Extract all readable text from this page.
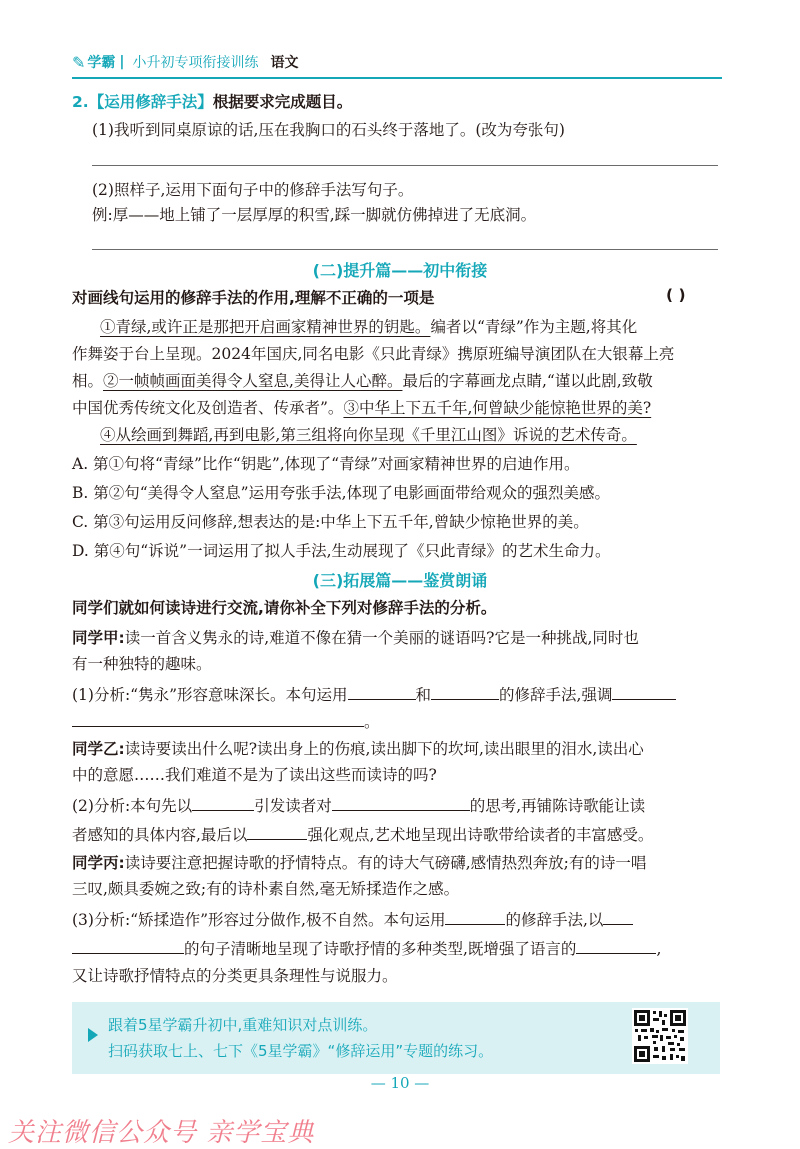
✎ 学霸 | 小升初专项衔接训练 语文
2.【运用修辞手法】根据要求完成题目。
(1)我听到同桌原谅的话,压在我胸口的石头终于落地了。(改为夸张句)
(2)照样子,运用下面句子中的修辞手法写句子。
例:厚——地上铺了一层厚厚的积雪,踩一脚就仿佛掉进了无底洞。
(二)提升篇——初中衔接
对画线句运用的修辞手法的作用,理解不正确的一项是	( )
①青绿,或许正是那把开启画家精神世界的钥匙。编者以“青绿”作为主题,将其化
作舞姿于台上呈现。2024年国庆,同名电影《只此青绿》携原班编导演团队在大银幕上亮
相。②一帧帧画面美得令人窒息,美得让人心醉。最后的字幕画龙点睛,“谨以此剧,致敬
中国优秀传统文化及创造者、传承者”。③中华上下五千年,何曾缺少能惊艳世界的美?
④从绘画到舞蹈,再到电影,第三组将向你呈现《千里江山图》诉说的艺术传奇。
A. 第①句将“青绿”比作“钥匙”,体现了“青绿”对画家精神世界的启迪作用。
B. 第②句“美得令人窒息”运用夸张手法,体现了电影画面带给观众的强烈美感。
C. 第③句运用反问修辞,想表达的是:中华上下五千年,曾缺少惊艳世界的美。
D. 第④句“诉说”一词运用了拟人手法,生动展现了《只此青绿》的艺术生命力。
(三)拓展篇——鉴赏朗诵
同学们就如何读诗进行交流,请你补全下列对修辞手法的分析。
同学甲:读一首含义隽永的诗,难道不像在猜一个美丽的谜语吗?它是一种挑战,同时也
有一种独特的趣味。
(1)分析:“隽永”形容意味深长。本句运用	和	的修辞手法,强调
。
同学乙:读诗要读出什么呢?读出身上的伤痕,读出脚下的坎坷,读出眼里的泪水,读出心
中的意愿……我们难道不是为了读出这些而读诗的吗?
(2)分析:本句先以	引发读者对	的思考,再铺陈诗歌能让读
者感知的具体内容,最后以	强化观点,艺术地呈现出诗歌带给读者的丰富感受。
同学丙:读诗要注意把握诗歌的抒情特点。有的诗大气磅礴,感情热烈奔放;有的诗一唱
三叹,颇具委婉之致;有的诗朴素自然,毫无矫揉造作之感。
(3)分析:“矫揉造作”形容过分做作,极不自然。本句运用	的修辞手法,以
的句子清晰地呈现了诗歌抒情的多种类型,既增强了语言的	,
又让诗歌抒情特点的分类更具条理性与说服力。
跟着5星学霸升初中,重难知识对点训练。
扫码获取七上、七下《5星学霸》“修辞运用”专题的练习。
— 10 —
关注微信公众号 亲学宝典
